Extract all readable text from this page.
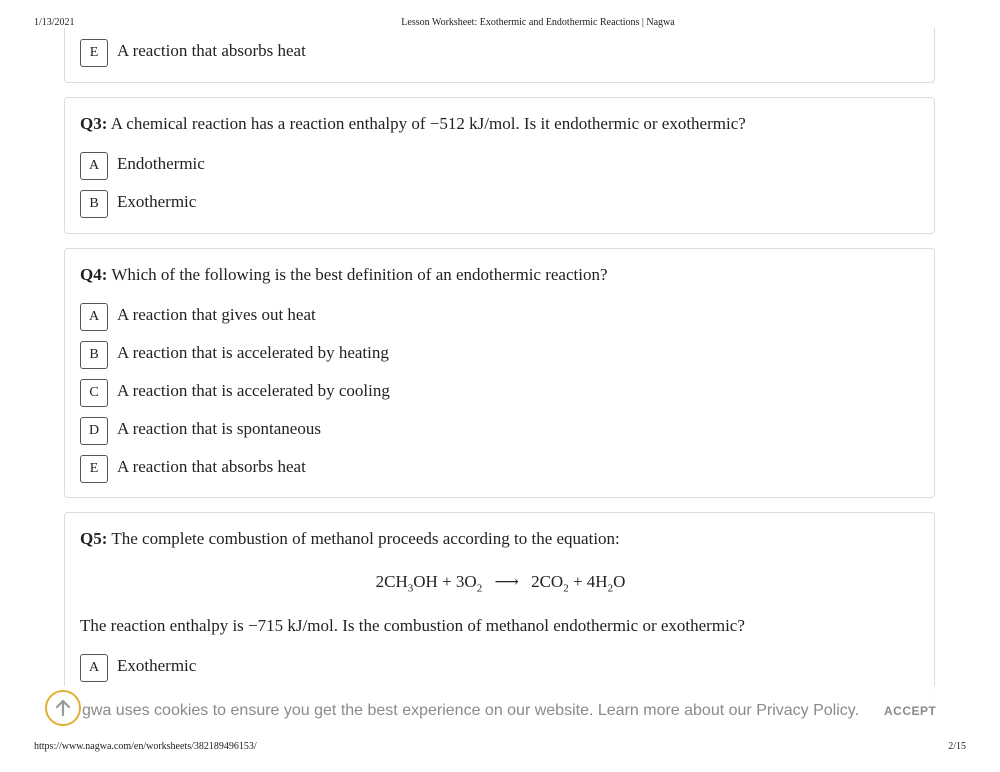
1/13/2021	Lesson Worksheet: Exothermic and Endothermic Reactions | Nagwa
E	A reaction that absorbs heat
Q3: A chemical reaction has a reaction enthalpy of −512 kJ/mol. Is it endothermic or exothermic?
A	Endothermic
B	Exothermic
Q4: Which of the following is the best definition of an endothermic reaction?
A	A reaction that gives out heat
B	A reaction that is accelerated by heating
C	A reaction that is accelerated by cooling
D	A reaction that is spontaneous
E	A reaction that absorbs heat
Q5: The complete combustion of methanol proceeds according to the equation:
$2CH_3OH + 3O_2$ ⟶ $2CO_2 + 4H_2O$
The reaction enthalpy is −715 kJ/mol. Is the combustion of methanol endothermic or exothermic?
A	Exothermic
gwa uses cookies to ensure you get the best experience on our website. Learn more about our Privacy Policy. ACCEPT
https://www.nagwa.com/en/worksheets/382189496153/	2/15
